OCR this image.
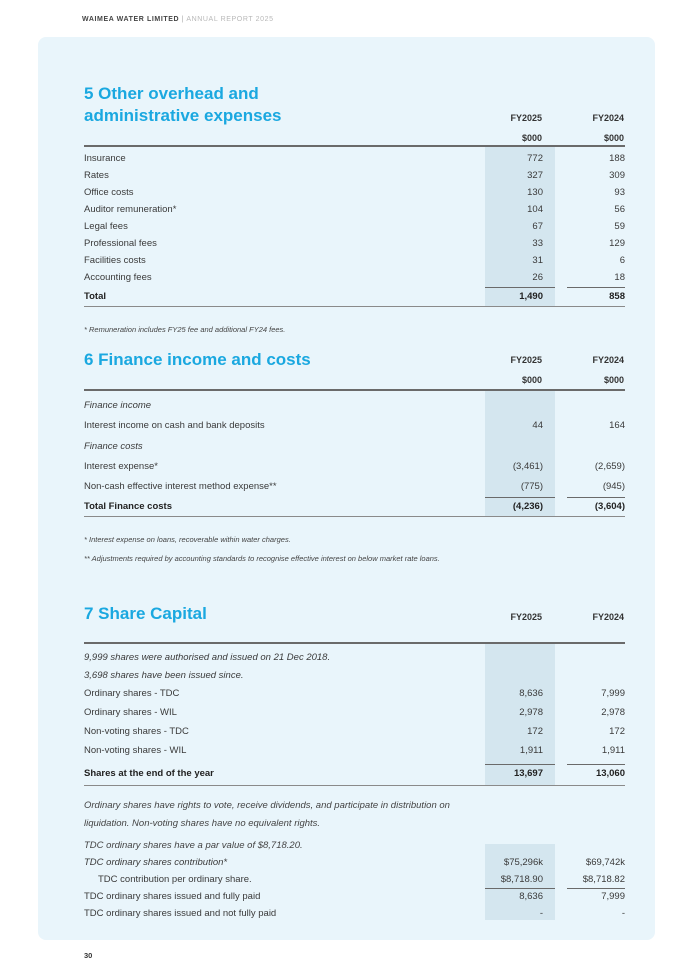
WAIMEA WATER LIMITED | ANNUAL REPORT 2025
5 Other overhead and
administrative expenses	FY2025	FY2024
$000	$000
Insurance	772	188
Rates	327	309
Office costs	130	93
Auditor remuneration*	104	56
Legal fees	67	59
Professional fees	33	129
Facilities costs	31	6
Accounting fees	26	18
Total	1,490	858
* Remuneration includes FY25 fee and additional FY24 fees.
6 Finance income and costs	FY2025	FY2024
$000	$000
Finance income
Interest income on cash and bank deposits	44	164
Finance costs
Interest expense*	(3,461)	(2,659)
Non-cash effective interest method expense**	(775)	(945)
Total Finance costs	(4,236)	(3,604)
* Interest expense on loans, recoverable within water charges.
** Adjustments required by accounting standards to recognise effective interest on below market rate loans.
7 Share Capital	FY2025	FY2024
9,999 shares were authorised and issued on 21 Dec 2018.
3,698 shares have been issued since.
Ordinary shares - TDC	8,636	7,999
Ordinary shares - WIL	2,978	2,978
Non-voting shares - TDC	172	172
Non-voting shares - WIL	1,911	1,911
Shares at the end of the year	13,697	13,060
Ordinary shares have rights to vote, receive dividends, and participate in distribution on
liquidation. Non-voting shares have no equivalent rights.
TDC ordinary shares have a par value of $8,718.20.
TDC ordinary shares contribution*	$75,296k	$69,742k
TDC contribution per ordinary share.	$8,718.90	$8,718.82
TDC ordinary shares issued and fully paid	8,636	7,999
TDC ordinary shares issued and not fully paid	-	-
30
